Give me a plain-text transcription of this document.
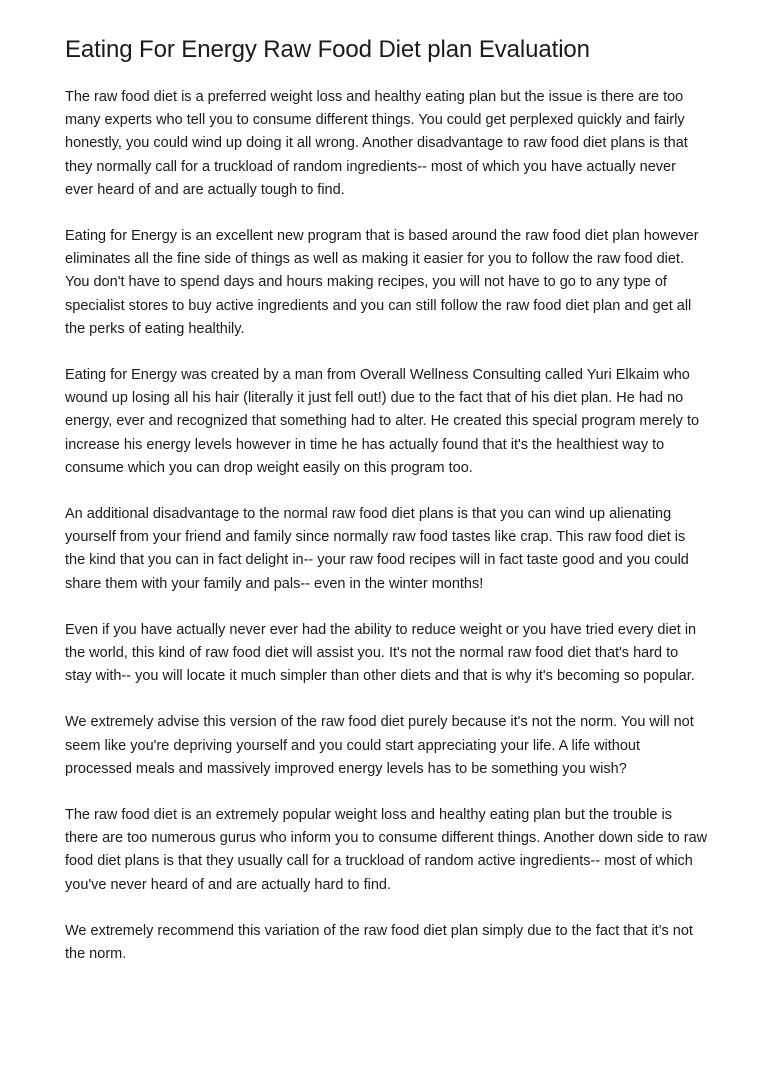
Eating For Energy Raw Food Diet plan Evaluation

The raw food diet is a preferred weight loss and healthy eating plan but the issue is there are too many experts who tell you to consume different things. You could get perplexed quickly and fairly honestly, you could wind up doing it all wrong. Another disadvantage to raw food diet plans is that they normally call for a truckload of random ingredients-- most of which you have actually never ever heard of and are actually tough to find.

Eating for Energy is an excellent new program that is based around the raw food diet plan however eliminates all the fine side of things as well as making it easier for you to follow the raw food diet. You don't have to spend days and hours making recipes, you will not have to go to any type of specialist stores to buy active ingredients and you can still follow the raw food diet plan and get all the perks of eating healthily.

Eating for Energy was created by a man from Overall Wellness Consulting called Yuri Elkaim who wound up losing all his hair (literally it just fell out!) due to the fact that of his diet plan. He had no energy, ever and recognized that something had to alter. He created this special program merely to increase his energy levels however in time he has actually found that it's the healthiest way to consume which you can drop weight easily on this program too.

An additional disadvantage to the normal raw food diet plans is that you can wind up alienating yourself from your friend and family since normally raw food tastes like crap. This raw food diet is the kind that you can in fact delight in-- your raw food recipes will in fact taste good and you could share them with your family and pals-- even in the winter months!

Even if you have actually never ever had the ability to reduce weight or you have tried every diet in the world, this kind of raw food diet will assist you. It's not the normal raw food diet that's hard to stay with-- you will locate it much simpler than other diets and that is why it's becoming so popular.

We extremely advise this version of the raw food diet purely because it's not the norm. You will not seem like you're depriving yourself and you could start appreciating your life. A life without processed meals and massively improved energy levels has to be something you wish?

The raw food diet is an extremely popular weight loss and healthy eating plan but the trouble is there are too numerous gurus who inform you to consume different things. Another down side to raw food diet plans is that they usually call for a truckload of random active ingredients-- most of which you've never heard of and are actually hard to find.

We extremely recommend this variation of the raw food diet plan simply due to the fact that it's not the norm.
